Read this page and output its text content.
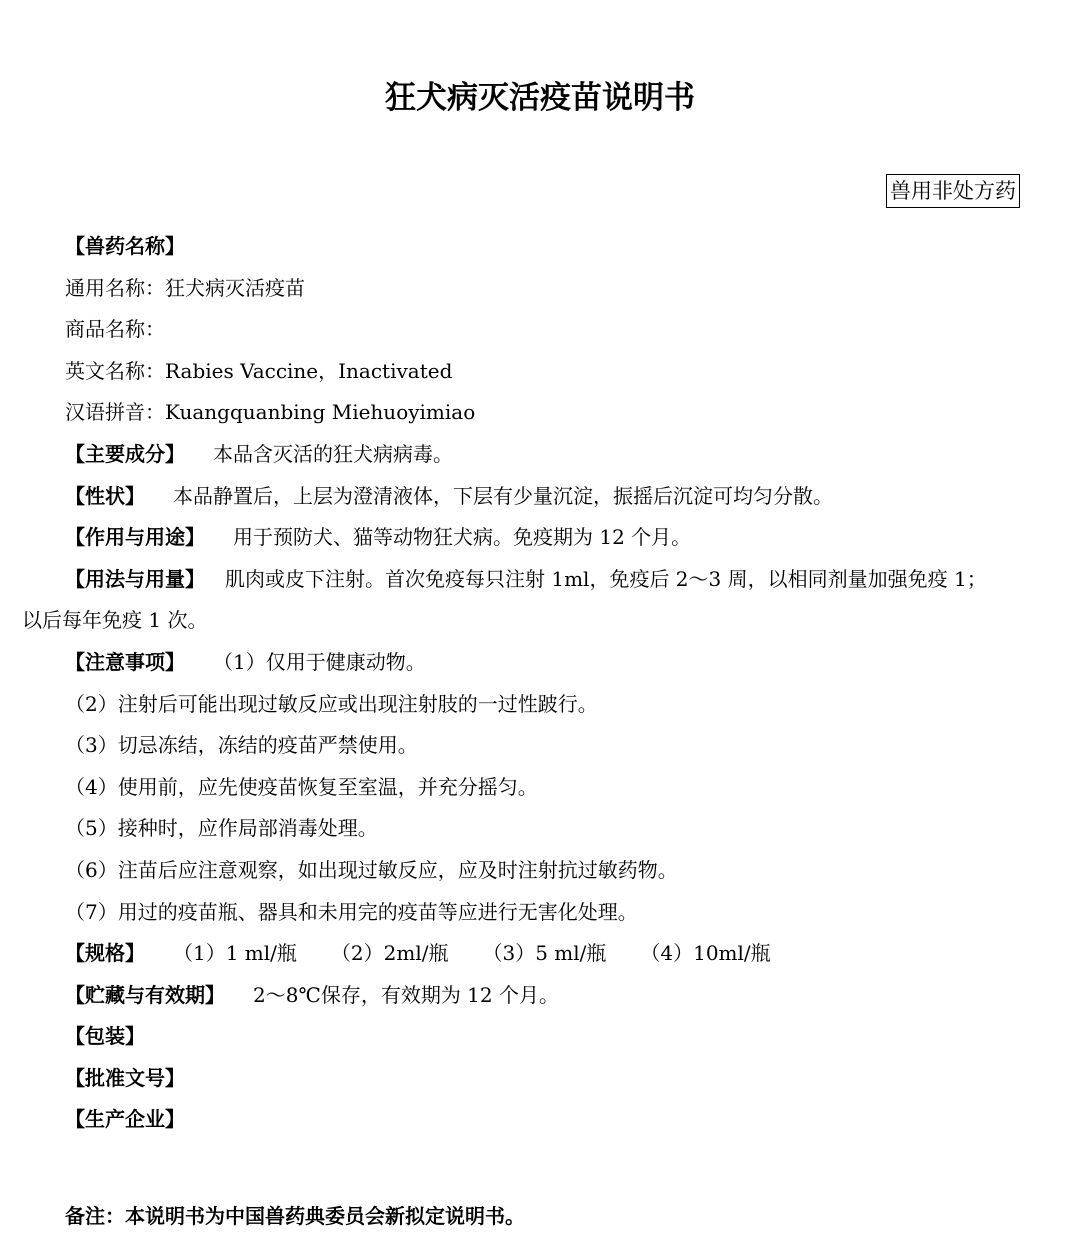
狂犬病灭活疫苗说明书
兽用非处方药
【兽药名称】
通用名称：狂犬病灭活疫苗
商品名称：
英文名称：Rabies Vaccine，Inactivated
汉语拼音：Kuangquanbing Miehuoyimiao
【主要成分】 本品含灭活的狂犬病病毒。
【性状】 本品静置后，上层为澄清液体，下层有少量沉淀，振摇后沉淀可均匀分散。
【作用与用途】 用于预防犬、猫等动物狂犬病。免疫期为 12 个月。
【用法与用量】 肌肉或皮下注射。首次免疫每只注射 1ml，免疫后 2～3 周，以相同剂量加强免疫 1；
以后每年免疫 1 次。
【注意事项】 （1）仅用于健康动物。
（2）注射后可能出现过敏反应或出现注射肢的一过性跛行。
（3）切忌冻结，冻结的疫苗严禁使用。
（4）使用前，应先使疫苗恢复至室温，并充分摇匀。
（5）接种时，应作局部消毒处理。
（6）注苗后应注意观察，如出现过敏反应，应及时注射抗过敏药物。
（7）用过的疫苗瓶、器具和未用完的疫苗等应进行无害化处理。
【规格】 （1）1 ml/瓶 （2）2ml/瓶 （3）5 ml/瓶 （4）10ml/瓶
【贮藏与有效期】 2～8℃保存，有效期为 12 个月。
【包装】
【批准文号】
【生产企业】
备注：本说明书为中国兽药典委员会新拟定说明书。
